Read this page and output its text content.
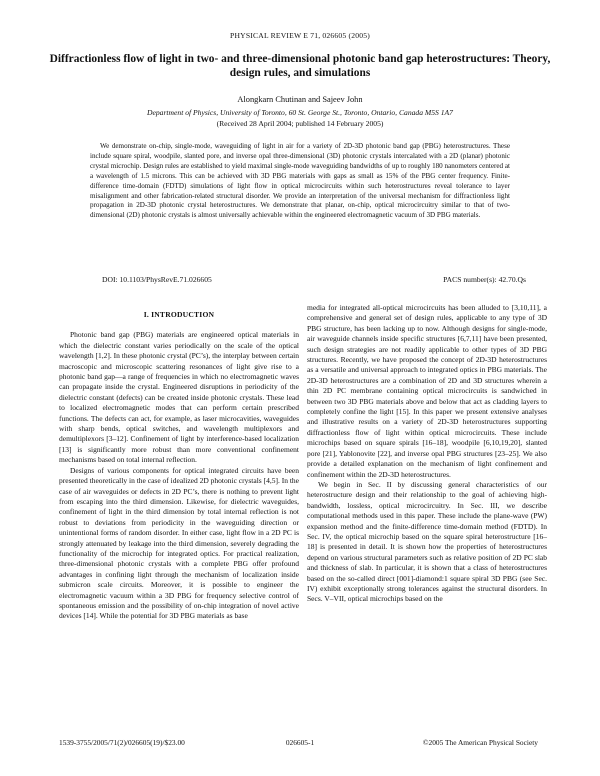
PHYSICAL REVIEW E 71, 026605 (2005)
Diffractionless flow of light in two- and three-dimensional photonic band gap heterostructures: Theory, design rules, and simulations
Alongkarn Chutinan and Sajeev John
Department of Physics, University of Toronto, 60 St. George St., Toronto, Ontario, Canada M5S 1A7
(Received 28 April 2004; published 14 February 2005)

We demonstrate on-chip, single-mode, waveguiding of light in air for a variety of 2D-3D photonic band gap (PBG) heterostructures. These include square spiral, woodpile, slanted pore, and inverse opal three-dimensional (3D) photonic crystals intercalated with a 2D (planar) photonic crystal microchip. Design rules are established to yield maximal single-mode waveguiding bandwidths of up to roughly 180 nanometers centered at a wavelength of 1.5 microns. This can be achieved with 3D PBG materials with gaps as small as 15% of the PBG center frequency. Finite-difference time-domain (FDTD) simulations of light flow in optical microcircuits within such heterostructures reveal tolerance to layer misalignment and other fabrication-related structural disorder. We provide an interpretation of the universal mechanism for diffractionless light propagation in 2D-3D photonic crystal heterostructures. We demonstrate that planar, on-chip, optical microcircuitry similar to that of two-dimensional (2D) photonic crystals is almost universally achievable within the engineered electromagnetic vacuum of 3D PBG materials.

DOI: 10.1103/PhysRevE.71.026605	PACS number(s): 42.70.Qs
I. INTRODUCTION

Photonic band gap (PBG) materials are engineered optical materials in which the dielectric constant varies periodically on the scale of the optical wavelength [1,2]. In these photonic crystal (PC’s), the interplay between certain macroscopic and microscopic scattering resonances of light give rise to a photonic band gap—a range of frequencies in which no electromagnetic waves can propagate inside the crystal. Engineered disruptions in periodicity of the dielectric constant (defects) can be created inside photonic crystals. These lead to localized electromagnetic modes that can perform certain prescribed functions. The defects can act, for example, as laser microcavities, waveguides with sharp bends, optical switches, and wavelength multiplexors and demultiplexors [3–12]. Confinement of light by interference-based localization [13] is significantly more robust than more conventional confinement mechanisms based on total internal reflection.

Designs of various components for optical integrated circuits have been presented theoretically in the case of idealized 2D photonic crystals [4,5]. In the case of air waveguides or defects in 2D PC’s, there is nothing to prevent light from escaping into the third dimension. Likewise, for dielectric waveguides, confinement of light in the third dimension by total internal reflection is not robust to deviations from periodicity in the waveguiding direction or unintentional forms of random disorder. In either case, light flow in a 2D PC is strongly attenuated by leakage into the third dimension, severely degrading the functionality of the microchip for integrated optics. For practical realization, three-dimensional photonic crystals with a complete PBG offer profound advantages in confining light through the mechanism of localization inside submicron scale circuits. Moreover, it is possible to engineer the electromagnetic vacuum within a 3D PBG for frequency selective control of spontaneous emission and the possibility of on-chip integration of novel active devices [14]. While the potential for 3D PBG materials as base

media for integrated all-optical microcircuits has been alluded to [3,10,11], a comprehensive and general set of design rules, applicable to any type of 3D PBG structure, has been lacking up to now. Although designs for single-mode, air waveguide channels inside specific structures [6,7,11] have been presented, such design strategies are not readily applicable to other types of 3D PBG structures. Recently, we have proposed the concept of 2D-3D heterostructures as a versatile and universal approach to integrated optics in PBG materials. The 2D-3D heterostructures are a combination of 2D and 3D structures wherein a thin 2D PC membrane containing optical microcircuits is sandwiched in between two 3D PBG materials above and below that act as cladding layers to completely confine the light [15]. In this paper we present extensive analyses and illustrative results on a variety of 2D-3D heterostructures supporting diffractionless flow of light within optical microcircuits. These include microchips based on square spirals [16–18], woodpile [6,10,19,20], slanted pore [21], Yablonovite [22], and inverse opal PBG structures [23–25]. We also provide a detailed explanation on the mechanism of light confinement and confinement within the 2D-3D heterostructures.

We begin in Sec. II by discussing general characteristics of our heterostructure design and their relationship to the goal of achieving high-bandwidth, lossless, optical microcircuitry. In Sec. III, we describe computational methods used in this paper. These include the plane-wave (PW) expansion method and the finite-difference time-domain method (FDTD). In Sec. IV, the optical microchip based on the square spiral heterostructure [16–18] is presented in detail. It is shown how the properties of heterostructures depend on various structural parameters such as relative position of 2D PC slab and thickness of slab. In particular, it is shown that a class of heterostructures based on the so-called direct [001]-diamond:1 square spiral 3D PBG (see Sec. IV) exhibit exceptionally strong tolerances against the structural disorders. In Secs. V–VII, optical microchips based on the

1539-3755/2005/71(2)/026605(19)/$23.00	026605-1	©2005 The American Physical Society
